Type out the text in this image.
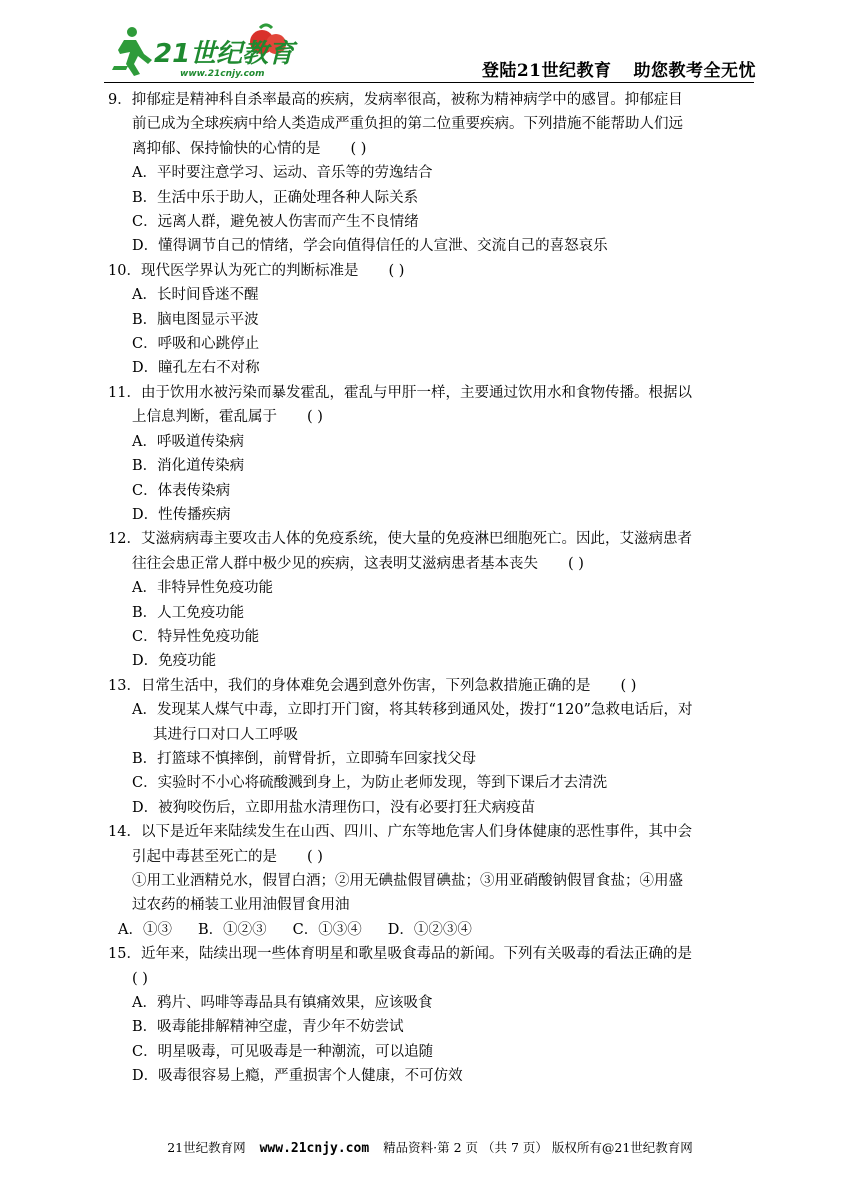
21世纪教育
www.21cnjy.com	登陆21世纪教育 助您教考全无忧
9．抑郁症是精神科自杀率最高的疾病，发病率很高，被称为精神病学中的感冒。抑郁症目
前已成为全球疾病中给人类造成严重负担的第二位重要疾病。下列措施不能帮助人们远
离抑郁、保持愉快的心情的是 ( )
A．平时要注意学习、运动、音乐等的劳逸结合
B．生活中乐于助人，正确处理各种人际关系
C．远离人群，避免被人伤害而产生不良情绪
D．懂得调节自己的情绪，学会向值得信任的人宣泄、交流自己的喜怒哀乐
10．现代医学界认为死亡的判断标准是 ( )
A．长时间昏迷不醒
B．脑电图显示平波
C．呼吸和心跳停止
D．瞳孔左右不对称
11．由于饮用水被污染而暴发霍乱，霍乱与甲肝一样，主要通过饮用水和食物传播。根据以
上信息判断，霍乱属于 ( )
A．呼吸道传染病
B．消化道传染病
C．体表传染病
D．性传播疾病
12．艾滋病病毒主要攻击人体的免疫系统，使大量的免疫淋巴细胞死亡。因此，艾滋病患者
往往会患正常人群中极少见的疾病，这表明艾滋病患者基本丧失 ( )
A．非特异性免疫功能
B．人工免疫功能
C．特异性免疫功能
D．免疫功能
13．日常生活中，我们的身体难免会遇到意外伤害，下列急救措施正确的是 ( )
A．发现某人煤气中毒，立即打开门窗，将其转移到通风处，拨打“120”急救电话后，对
其进行口对口人工呼吸
B．打篮球不慎摔倒，前臂骨折，立即骑车回家找父母
C．实验时不小心将硫酸溅到身上，为防止老师发现，等到下课后才去清洗
D．被狗咬伤后，立即用盐水清理伤口，没有必要打狂犬病疫苗
14．以下是近年来陆续发生在山西、四川、广东等地危害人们身体健康的恶性事件，其中会
引起中毒甚至死亡的是 ( )
①用工业酒精兑水，假冒白酒；②用无碘盐假冒碘盐；③用亚硝酸钠假冒食盐；④用盛
过农药的桶装工业用油假冒食用油
A．①③ B．①②③ C．①③④ D．①②③④
15．近年来，陆续出现一些体育明星和歌星吸食毒品的新闻。下列有关吸毒的看法正确的是
( )
A．鸦片、吗啡等毒品具有镇痛效果，应该吸食
B．吸毒能排解精神空虚，青少年不妨尝试
C．明星吸毒，可见吸毒是一种潮流，可以追随
D．吸毒很容易上瘾，严重损害个人健康，不可仿效
21世纪教育网 www.21cnjy.com 精品资料·第 2 页 （共 7 页） 版权所有@21世纪教育网
